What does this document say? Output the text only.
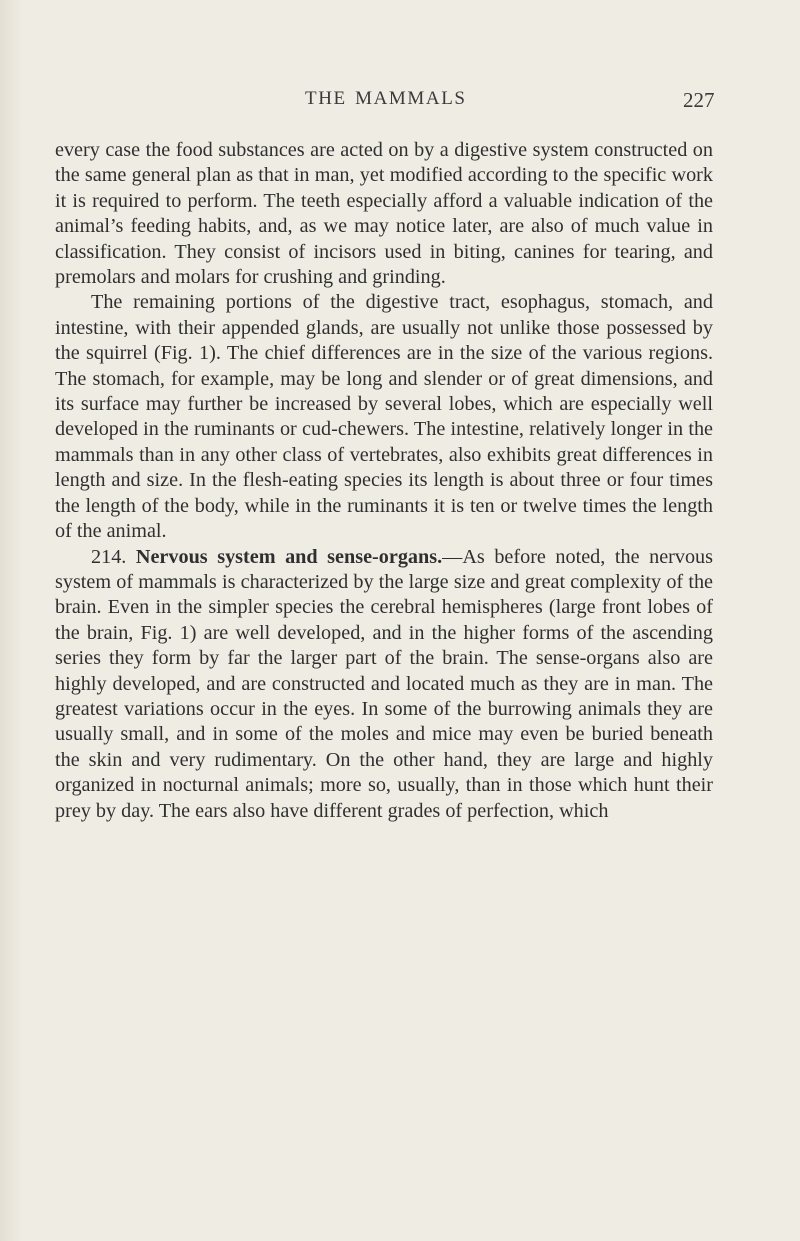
THE MAMMALS	227

every case the food substances are acted on by a digestive system constructed on the same general plan as that in man, yet modified according to the specific work it is required to perform. The teeth especially afford a valuable indication of the animal’s feeding habits, and, as we may notice later, are also of much value in classification. They consist of incisors used in biting, canines for tearing, and premolars and molars for crushing and grinding.

The remaining portions of the digestive tract, esophagus, stomach, and intestine, with their appended glands, are usually not unlike those possessed by the squirrel (Fig. 1). The chief differences are in the size of the various regions. The stomach, for example, may be long and slender or of great dimensions, and its surface may further be increased by several lobes, which are especially well developed in the ruminants or cud-chewers. The intestine, relatively longer in the mammals than in any other class of vertebrates, also exhibits great differences in length and size. In the flesh-eating species its length is about three or four times the length of the body, while in the ruminants it is ten or twelve times the length of the animal.

214. Nervous system and sense-organs.—As before noted, the nervous system of mammals is characterized by the large size and great complexity of the brain. Even in the simpler species the cerebral hemispheres (large front lobes of the brain, Fig. 1) are well developed, and in the higher forms of the ascending series they form by far the larger part of the brain. The sense-organs also are highly developed, and are constructed and located much as they are in man. The greatest variations occur in the eyes. In some of the burrowing animals they are usually small, and in some of the moles and mice may even be buried beneath the skin and very rudimentary. On the other hand, they are large and highly organized in nocturnal animals; more so, usually, than in those which hunt their prey by day. The ears also have different grades of perfection, which
